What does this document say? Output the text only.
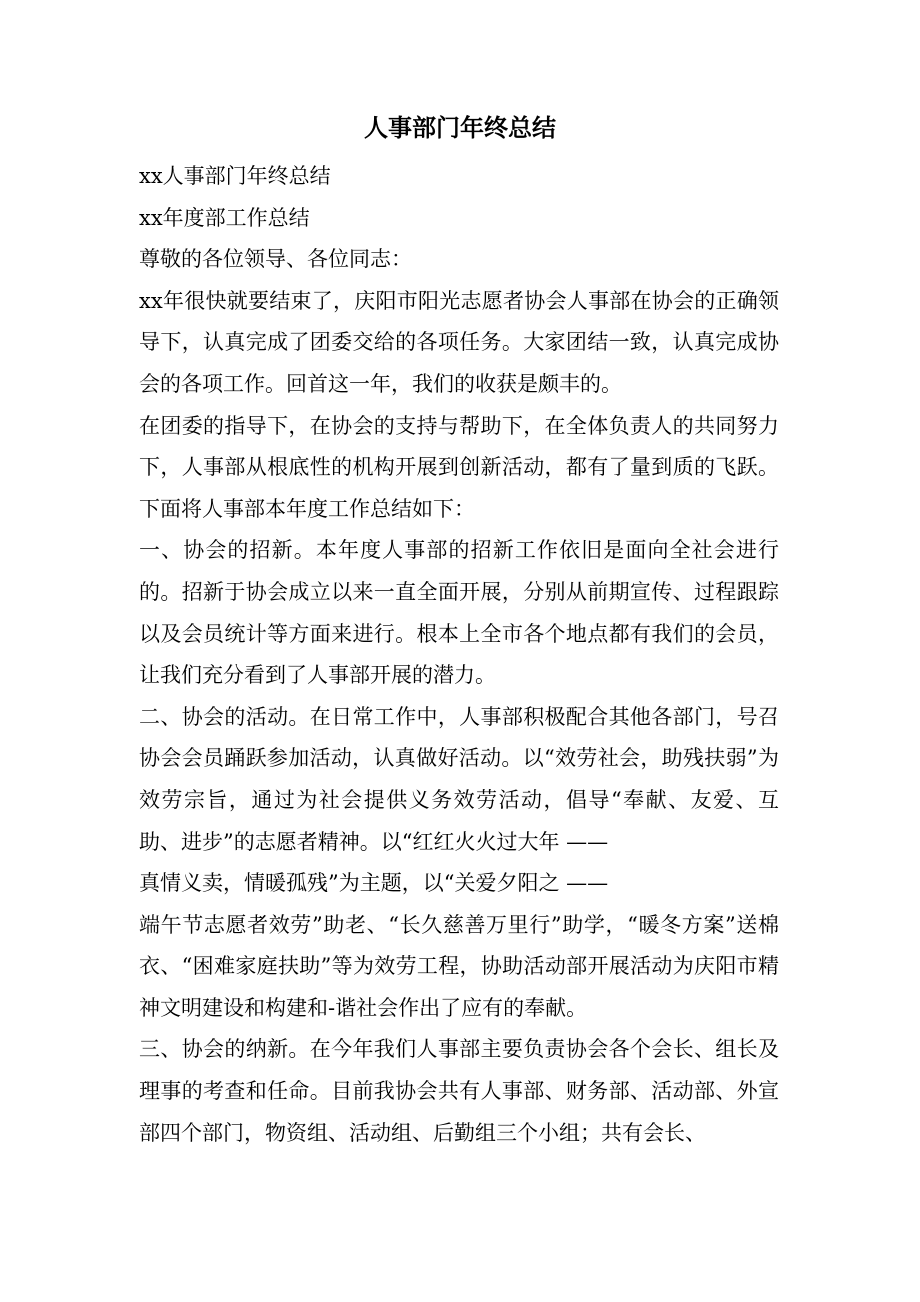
人事部门年终总结

xx人事部门年终总结

xx年度部工作总结

尊敬的各位领导、各位同志：

xx年很快就要结束了，庆阳市阳光志愿者协会人事部在协会的正确领导下，认真完成了团委交给的各项任务。大家团结一致，认真完成协会的各项工作。回首这一年，我们的收获是颇丰的。

在团委的指导下，在协会的支持与帮助下，在全体负责人的共同努力下，人事部从根底性的机构开展到创新活动，都有了量到质的飞跃。下面将人事部本年度工作总结如下：

一、协会的招新。本年度人事部的招新工作依旧是面向全社会进行的。招新于协会成立以来一直全面开展，分别从前期宣传、过程跟踪以及会员统计等方面来进行。根本上全市各个地点都有我们的会员，让我们充分看到了人事部开展的潜力。

二、协会的活动。在日常工作中，人事部积极配合其他各部门，号召协会会员踊跃参加活动，认真做好活动。以“效劳社会，助残扶弱”为效劳宗旨，通过为社会提供义务效劳活动，倡导“奉献、友爱、互助、进步”的志愿者精神。以“红红火火过大年 ——

真情义卖，情暖孤残”为主题，以“关爱夕阳之 ——

端午节志愿者效劳”助老、“长久慈善万里行”助学，“暖冬方案”送棉衣、“困难家庭扶助”等为效劳工程，协助活动部开展活动为庆阳市精神文明建设和构建和-谐社会作出了应有的奉献。

三、协会的纳新。在今年我们人事部主要负责协会各个会长、组长及理事的考查和任命。目前我协会共有人事部、财务部、活动部、外宣部四个部门，物资组、活动组、后勤组三个小组；共有会长、
